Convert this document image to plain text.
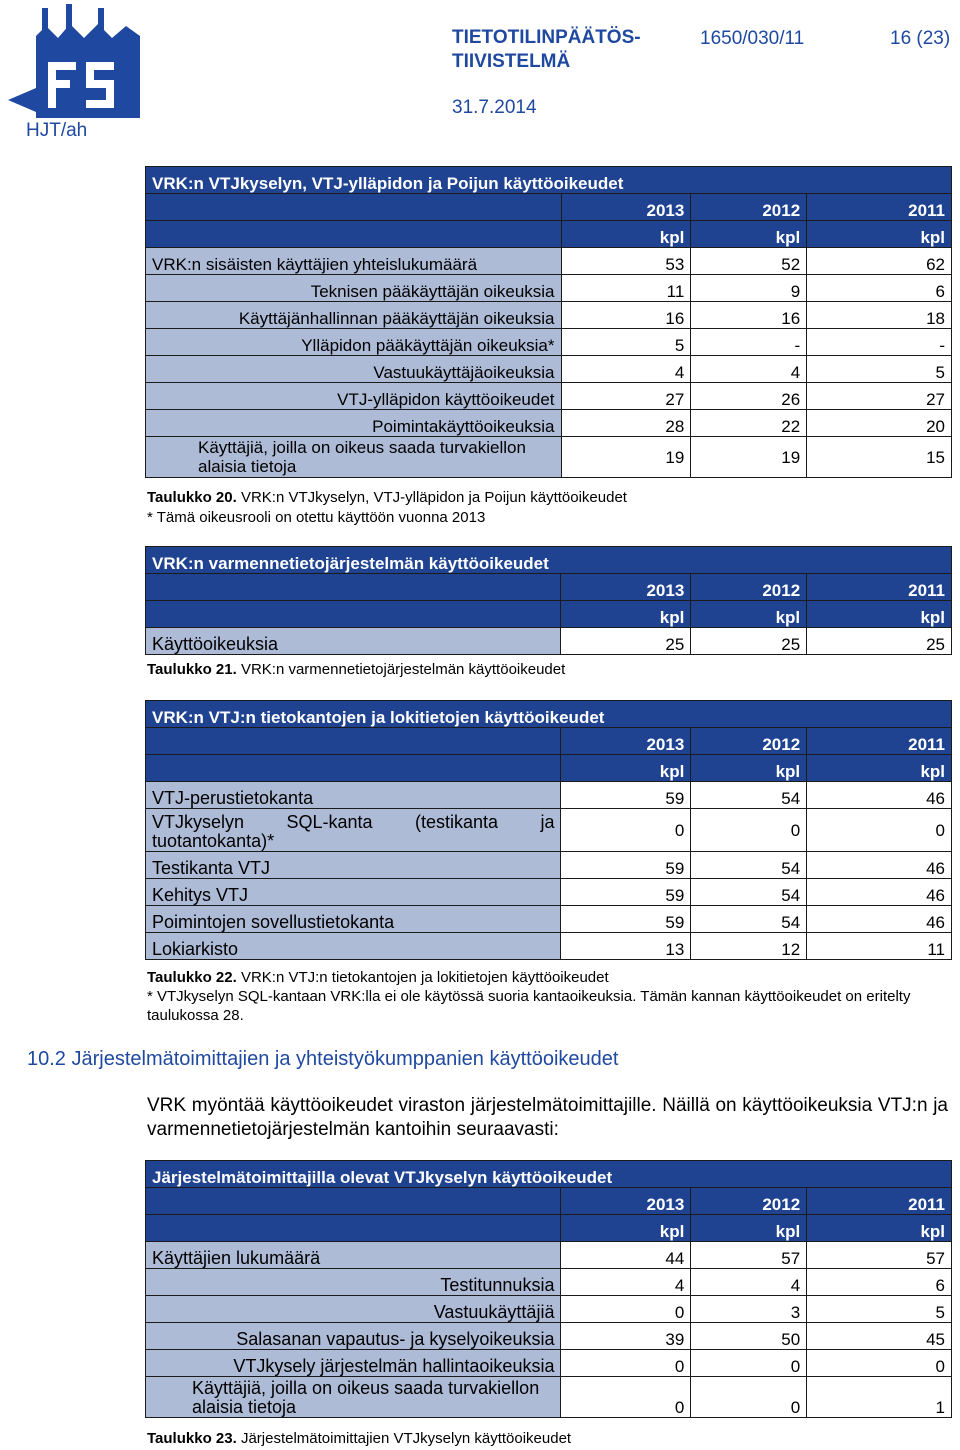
TIETOTILINPÄÄTÖS-TIIVISTELMÄ
1650/030/11	16 (23)
31.7.2014
HJT/ah
VRK:n VTJkyselyn, VTJ-ylläpidon ja Poijun käyttöoikeudet			
	2013	2012	2011
	kpl	kpl	kpl
VRK:n sisäisten käyttäjien yhteislukumäärä	53	52	62
Teknisen pääkäyttäjän oikeuksia	11	9	6
Käyttäjänhallinnan pääkäyttäjän oikeuksia	16	16	18
Ylläpidon pääkäyttäjän oikeuksia*	5	-	-
Vastuukäyttäjäoikeuksia	4	4	5
VTJ-ylläpidon käyttöoikeudet	27	26	27
Poimintakäyttöoikeuksia	28	22	20
Käyttäjiä, joilla on oikeus saada turvakiellon alaisia tietoja	19	19	15
Taulukko 20. VRK:n VTJkyselyn, VTJ-ylläpidon ja Poijun käyttöoikeudet
* Tämä oikeusrooli on otettu käyttöön vuonna 2013
VRK:n varmennetietojärjestelmän käyttöoikeudet			
	2013	2012	2011
	kpl	kpl	kpl
Käyttöoikeuksia	25	25	25
Taulukko 21. VRK:n varmennetietojärjestelmän käyttöoikeudet
VRK:n VTJ:n tietokantojen ja lokitietojen käyttöoikeudet			
	2013	2012	2011
	kpl	kpl	kpl
VTJ-perustietokanta	59	54	46
VTJkyselyn SQL-kanta (testikanta ja tuotantokanta)*	0	0	0
Testikanta VTJ	59	54	46
Kehitys VTJ	59	54	46
Poimintojen sovellustietokanta	59	54	46
Lokiarkisto	13	12	11
Taulukko 22. VRK:n VTJ:n tietokantojen ja lokitietojen käyttöoikeudet
* VTJkyselyn SQL-kantaan VRK:lla ei ole käytössä suoria kantaoikeuksia. Tämän kannan käyttöoikeudet on eritelty taulukossa 28.
10.2 Järjestelmätoimittajien ja yhteistyökumppanien käyttöoikeudet
VRK myöntää käyttöoikeudet viraston järjestelmätoimittajille. Näillä on käyttöoikeuksia VTJ:n ja varmennetietojärjestelmän kantoihin seuraavasti:
Järjestelmätoimittajilla olevat VTJkyselyn käyttöoikeudet			
	2013	2012	2011
	kpl	kpl	kpl
Käyttäjien lukumäärä	44	57	57
Testitunnuksia	4	4	6
Vastuukäyttäjiä	0	3	5
Salasanan vapautus- ja kyselyoikeuksia	39	50	45
VTJkysely järjestelmän hallintaoikeuksia	0	0	0
Käyttäjiä, joilla on oikeus saada turvakiellon alaisia tietoja	0	0	1
Taulukko 23. Järjestelmätoimittajien VTJkyselyn käyttöoikeudet
